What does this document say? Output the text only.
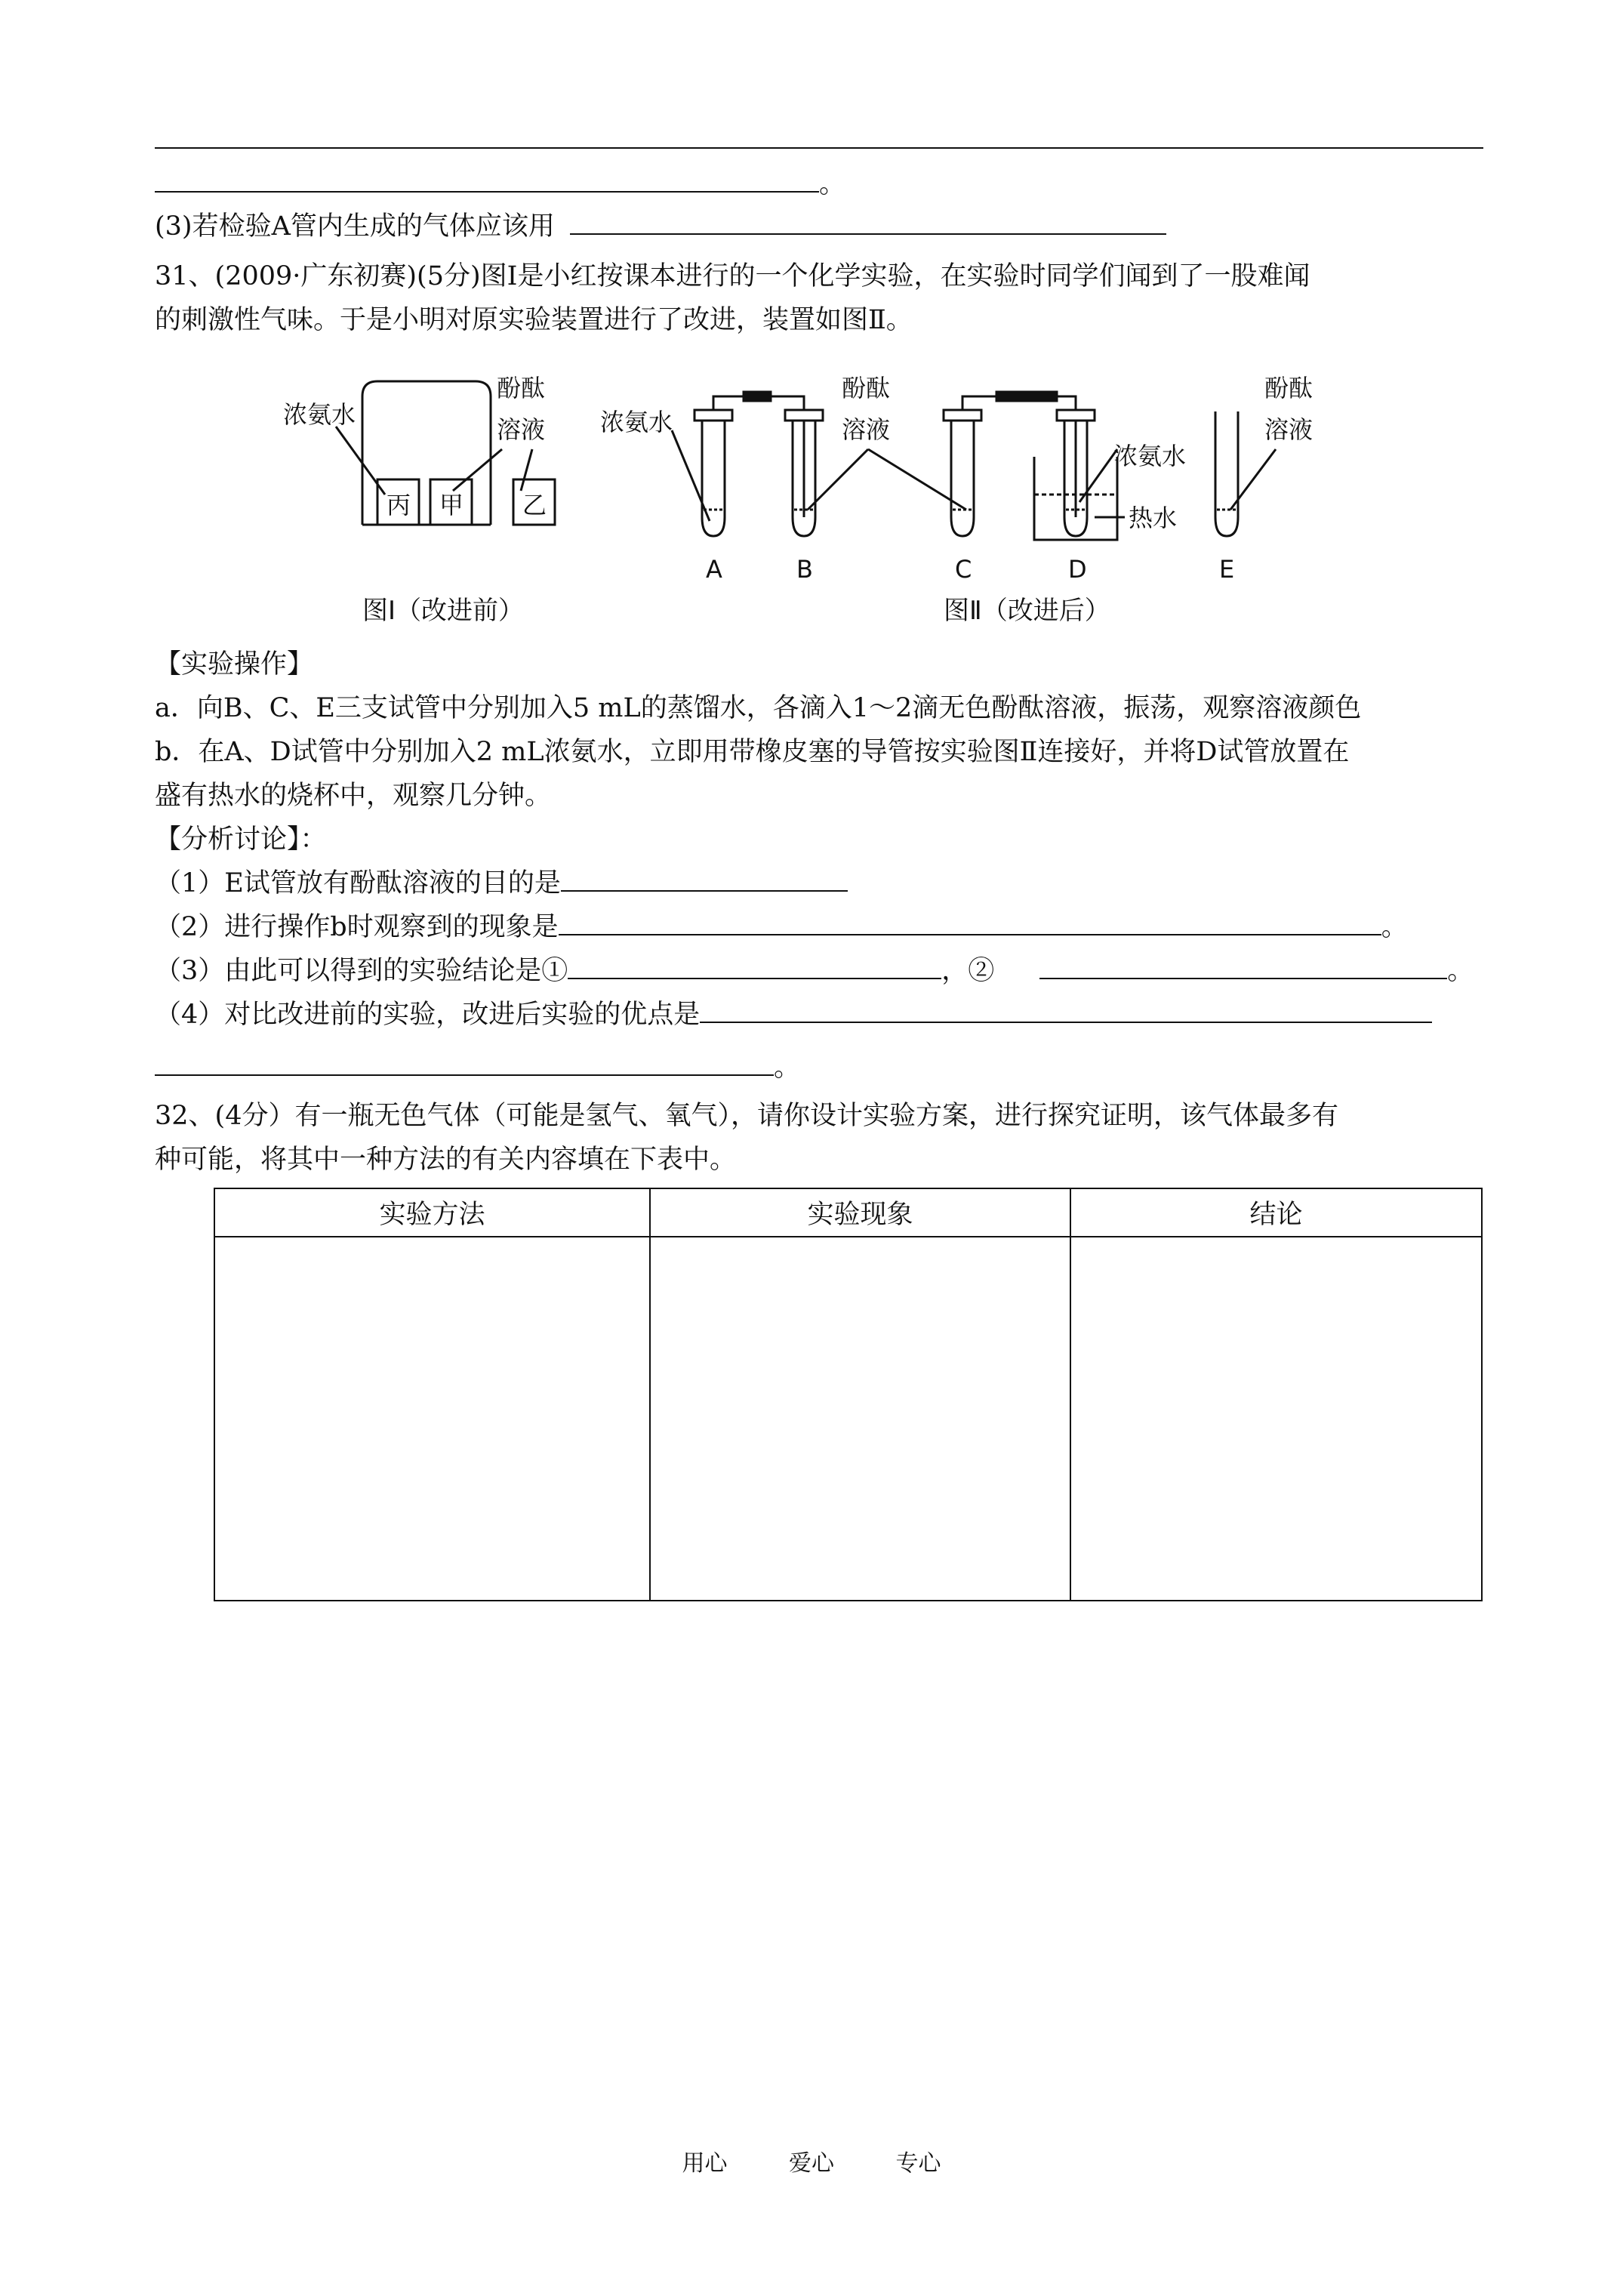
。
(3)若检验A管内生成的气体应该用
31、(2009·广东初赛)(5分)图Ⅰ是小红按课本进行的一个化学实验，在实验时同学们闻到了一股难闻
的刺激性气味。于是小明对原实验装置进行了改进，装置如图Ⅱ。
浓氨水
酚酞
溶液
丙 甲 乙
浓氨水
酚酞
溶液
浓氨水
热水
酚酞
溶液
A	B	C	D	E
图Ⅰ（改进前）	图Ⅱ（改进后）
【实验操作】
a．向B、C、E三支试管中分别加入5 mL的蒸馏水，各滴入1～2滴无色酚酞溶液，振荡，观察溶液颜色
b．在A、D试管中分别加入2 mL浓氨水，立即用带橡皮塞的导管按实验图Ⅱ连接好，并将D试管放置在
盛有热水的烧杯中，观察几分钟。
【分析讨论】：
（1）E试管放有酚酞溶液的目的是
（2）进行操作b时观察到的现象是	。
（3）由此可以得到的实验结论是①	，②	。
（4）对比改进前的实验，改进后实验的优点是
。
32、(4分）有一瓶无色气体（可能是氢气、氧气），请你设计实验方案，进行探究证明，该气体最多有
种可能，将其中一种方法的有关内容填在下表中。
实验方法	实验现象	结论

用心	爱心	专心
